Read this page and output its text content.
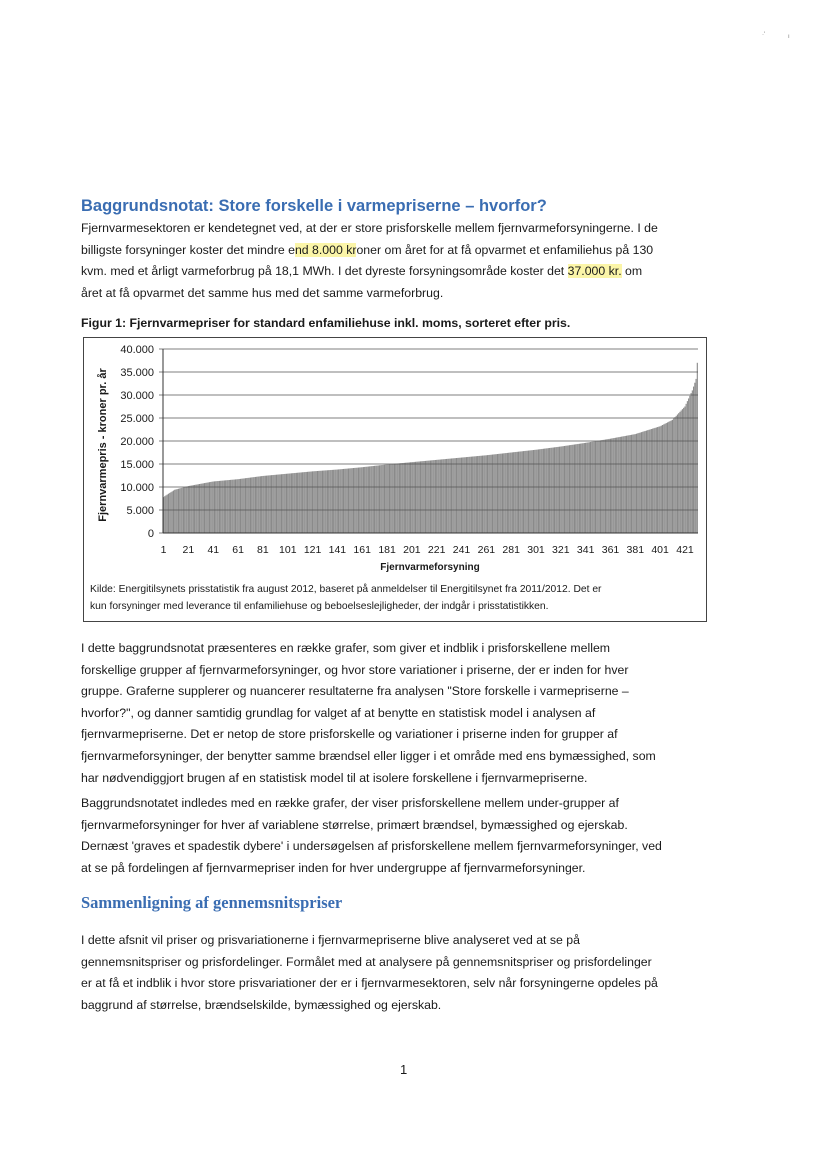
Baggrundsnotat: Store forskelle i varmepriserne – hvorfor?
Fjernvarmesektoren er kendetegnet ved, at der er store prisforskelle mellem fjernvarmeforsyningerne. I de
billigste forsyninger koster det mindre end 8.000 kroner om året for at få opvarmet et enfamiliehus på 130
kvm. med et årligt varmeforbrug på 18,1 MWh. I det dyreste forsyningsområde koster det 37.000 kr. om
året at få opvarmet det samme hus med det samme varmeforbrug.
Figur 1: Fjernvarmepriser for standard enfamiliehuse inkl. moms, sorteret efter pris.
Fjernvarmepris - kroner pr. år
40.000
35.000
30.000
25.000
20.000
15.000
10.000
5.000
0
1 21 41 61 81 101 121 141 161 181 201 221 241 261 281 301 321 341 361 381 401 421
Fjernvarmeforsyning
Kilde: Energitilsynets prisstatistik fra august 2012, baseret på anmeldelser til Energitilsynet fra 2011/2012. Det er
kun forsyninger med leverance til enfamiliehuse og beboelseslejligheder, der indgår i prisstatistikken.
I dette baggrundsnotat præsenteres en række grafer, som giver et indblik i prisforskellene mellem
forskellige grupper af fjernvarmeforsyninger, og hvor store variationer i priserne, der er inden for hver
gruppe. Graferne supplerer og nuancerer resultaterne fra analysen "Store forskelle i varmepriserne –
hvorfor?", og danner samtidig grundlag for valget af at benytte en statistisk model i analysen af
fjernvarmepriserne. Det er netop de store prisforskelle og variationer i priserne inden for grupper af
fjernvarmeforsyninger, der benytter samme brændsel eller ligger i et område med ens bymæssighed, som
har nødvendiggjort brugen af en statistisk model til at isolere forskellene i fjernvarmepriserne.
Baggrundsnotatet indledes med en række grafer, der viser prisforskellene mellem under-grupper af
fjernvarmeforsyninger for hver af variablene størrelse, primært brændsel, bymæssighed og ejerskab.
Dernæst 'graves et spadestik dybere' i undersøgelsen af prisforskellene mellem fjernvarmeforsyninger, ved
at se på fordelingen af fjernvarmepriser inden for hver undergruppe af fjernvarmeforsyninger.
Sammenligning af gennemsnitspriser
I dette afsnit vil priser og prisvariationerne i fjernvarmepriserne blive analyseret ved at se på
gennemsnitspriser og prisfordelinger. Formålet med at analysere på gennemsnitspriser og prisfordelinger
er at få et indblik i hvor store prisvariationer der er i fjernvarmesektoren, selv når forsyningerne opdeles på
baggrund af størrelse, brændselskilde, bymæssighed og ejerskab.
1
·'	ı
